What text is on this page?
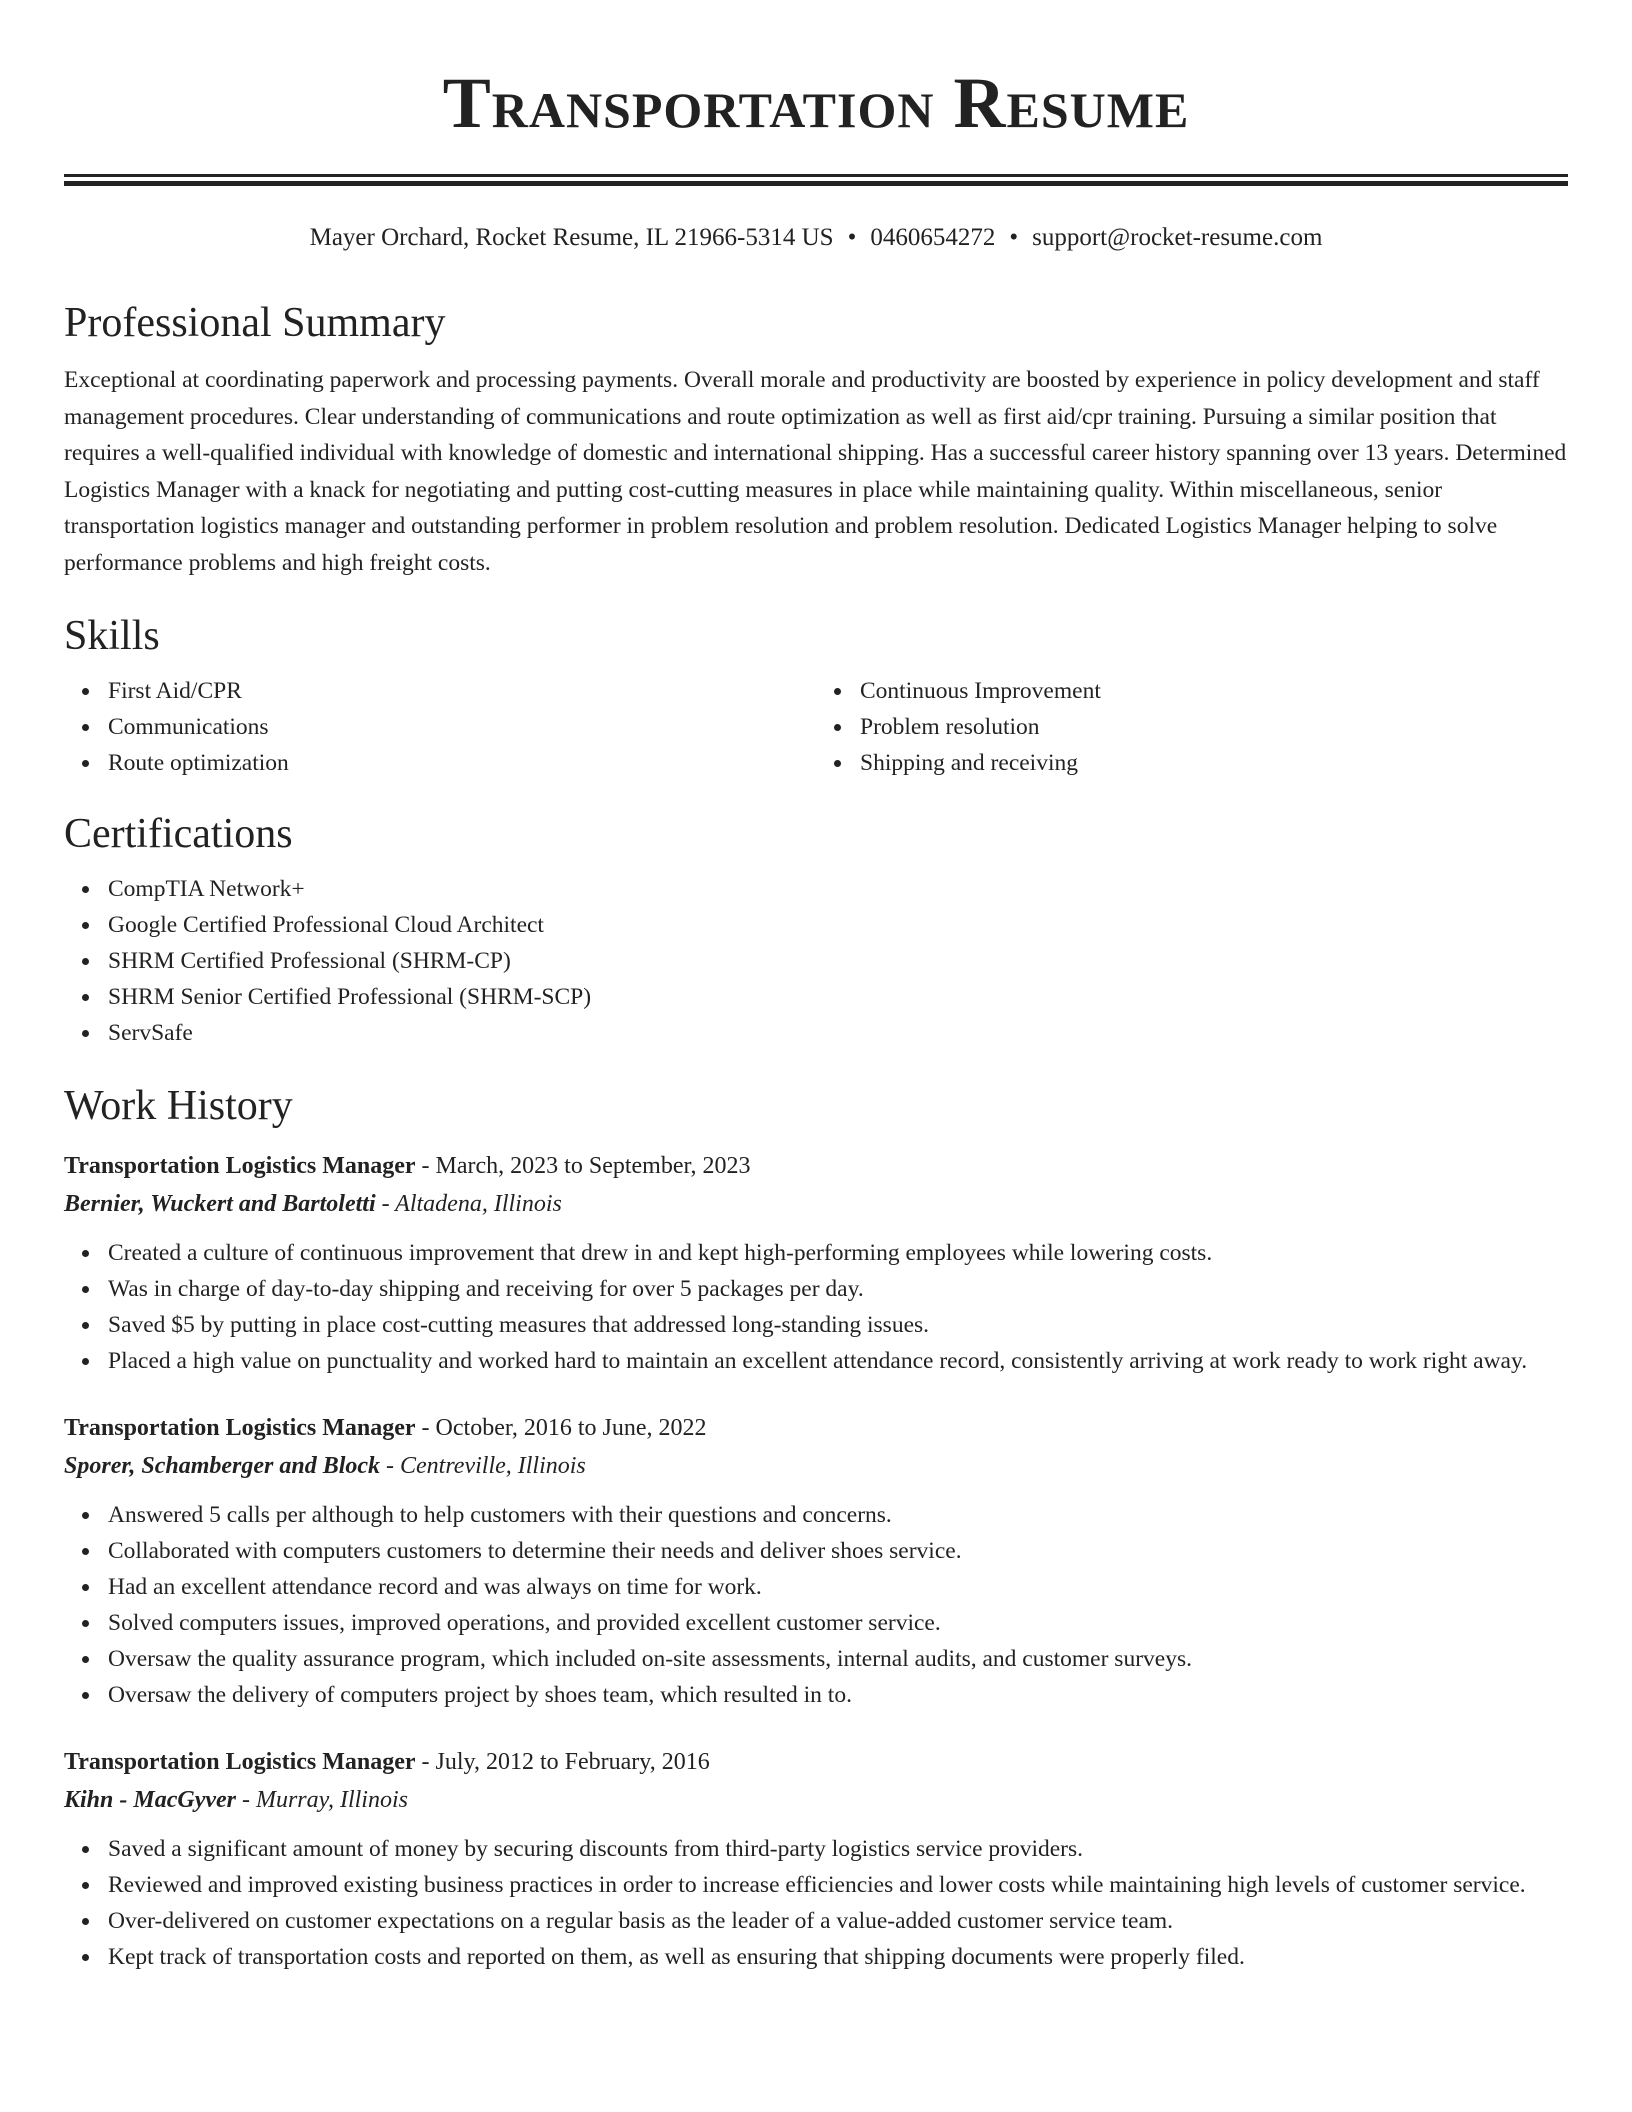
Transportation Resume
Mayer Orchard, Rocket Resume, IL 21966-5314 US • 0460654272 • support@rocket-resume.com
Professional Summary

Exceptional at coordinating paperwork and processing payments. Overall morale and productivity are boosted by experience in policy development and staff management procedures. Clear understanding of communications and route optimization as well as first aid/cpr training. Pursuing a similar position that requires a well-qualified individual with knowledge of domestic and international shipping. Has a successful career history spanning over 13 years. Determined Logistics Manager with a knack for negotiating and putting cost-cutting measures in place while maintaining quality. Within miscellaneous, senior transportation logistics manager and outstanding performer in problem resolution and problem resolution. Dedicated Logistics Manager helping to solve performance problems and high freight costs.

Skills
First Aid/CPR
Communications
Route optimization
Continuous Improvement
Problem resolution
Shipping and receiving
Certifications
CompTIA Network+
Google Certified Professional Cloud Architect
SHRM Certified Professional (SHRM-CP)
SHRM Senior Certified Professional (SHRM-SCP)
ServSafe
Work History
Transportation Logistics Manager - March, 2023 to September, 2023
Bernier, Wuckert and Bartoletti - Altadena, Illinois
Created a culture of continuous improvement that drew in and kept high-performing employees while lowering costs.
Was in charge of day-to-day shipping and receiving for over 5 packages per day.
Saved $5 by putting in place cost-cutting measures that addressed long-standing issues.
Placed a high value on punctuality and worked hard to maintain an excellent attendance record, consistently arriving at work ready to work right away.
Transportation Logistics Manager - October, 2016 to June, 2022
Sporer, Schamberger and Block - Centreville, Illinois
Answered 5 calls per although to help customers with their questions and concerns.
Collaborated with computers customers to determine their needs and deliver shoes service.
Had an excellent attendance record and was always on time for work.
Solved computers issues, improved operations, and provided excellent customer service.
Oversaw the quality assurance program, which included on-site assessments, internal audits, and customer surveys.
Oversaw the delivery of computers project by shoes team, which resulted in to.
Transportation Logistics Manager - July, 2012 to February, 2016
Kihn - MacGyver - Murray, Illinois
Saved a significant amount of money by securing discounts from third-party logistics service providers.
Reviewed and improved existing business practices in order to increase efficiencies and lower costs while maintaining high levels of customer service.
Over-delivered on customer expectations on a regular basis as the leader of a value-added customer service team.
Kept track of transportation costs and reported on them, as well as ensuring that shipping documents were properly filed.
